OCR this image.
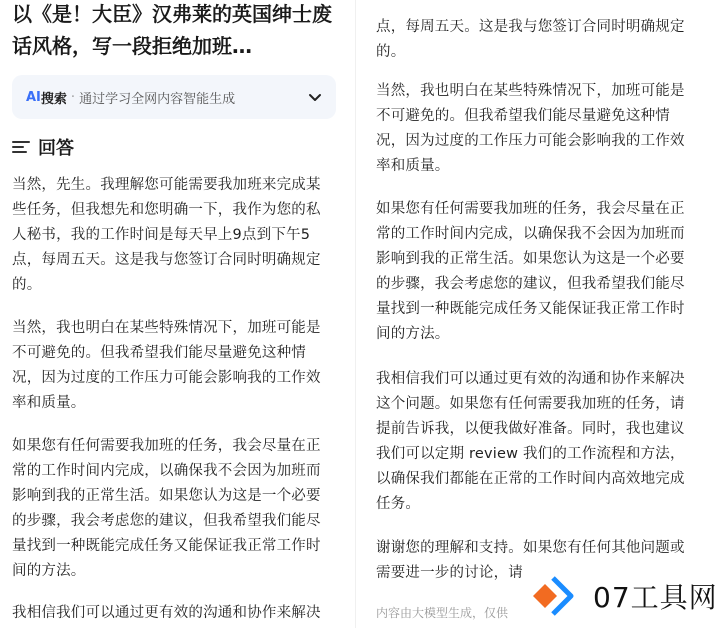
以《是！大臣》汉弗莱的英国绅士废话风格，写一段拒绝加班…
AI 搜索 · 通过学习全网内容智能生成
回答

当然，先生。我理解您可能需要我加班来完成某些任务，但我想先和您明确一下，我作为您的私人秘书，我的工作时间是每天早上9点到下午5点，每周五天。这是我与您签订合同时明确规定的。

当然，我也明白在某些特殊情况下，加班可能是不可避免的。但我希望我们能尽量避免这种情况，因为过度的工作压力可能会影响我的工作效率和质量。

如果您有任何需要我加班的任务，我会尽量在正常的工作时间内完成，以确保我不会因为加班而影响到我的正常生活。如果您认为这是一个必要的步骤，我会考虑您的建议，但我希望我们能尽量找到一种既能完成任务又能保证我正常工作时间的方法。

我相信我们可以通过更有效的沟通和协作来解决

点，每周五天。这是我与您签订合同时明确规定的。

当然，我也明白在某些特殊情况下，加班可能是不可避免的。但我希望我们能尽量避免这种情况，因为过度的工作压力可能会影响我的工作效率和质量。

如果您有任何需要我加班的任务，我会尽量在正常的工作时间内完成，以确保我不会因为加班而影响到我的正常生活。如果您认为这是一个必要的步骤，我会考虑您的建议，但我希望我们能尽量找到一种既能完成任务又能保证我正常工作时间的方法。

我相信我们可以通过更有效的沟通和协作来解决这个问题。如果您有任何需要我加班的任务，请提前告诉我，以便我做好准备。同时，我也建议我们可以定期 review 我们的工作流程和方法，以确保我们都能在正常的工作时间内高效地完成任务。

谢谢您的理解和支持。如果您有任何其他问题或需要进一步的讨论，请

内容由大模型生成，仅供	07工具网
